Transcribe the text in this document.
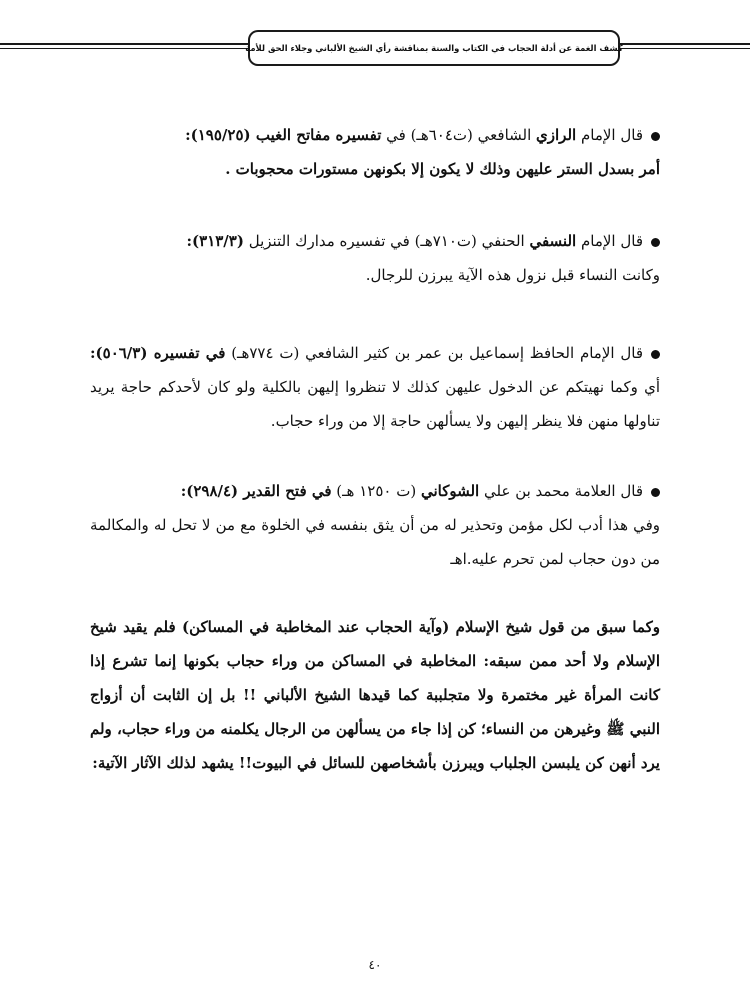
كشف الغمة عن أدلة الحجاب في الكتاب والسنة بمناقشة رأي الشيخ الألباني وجلاء الحق للأمة

قال الإمام الرازي الشافعي (ت٦٠٤هـ) في تفسيره مفاتح الغيب (١٩٥/٢٥):
أمر بسدل الستر عليهن وذلك لا يكون إلا بكونهن مستورات محجوبات .

قال الإمام النسفي الحنفي (ت٧١٠هـ) في تفسيره مدارك التنزيل (٣١٣/٣):
وكانت النساء قبل نزول هذه الآية يبرزن للرجال.

قال الإمام الحافظ إسماعيل بن عمر بن كثير الشافعي (ت ٧٧٤هـ) في تفسيره (٥٠٦/٣): أي وكما نهيتكم عن الدخول عليهن كذلك لا تنظروا إليهن بالكلية ولو كان لأحدكم حاجة يريد تناولها منهن فلا ينظر إليهن ولا يسألهن حاجة إلا من وراء حجاب.

قال العلامة محمد بن علي الشوكاني (ت ١٢٥٠ هـ) في فتح القدير (٢٩٨/٤):
وفي هذا أدب لكل مؤمن وتحذير له من أن يثق بنفسه في الخلوة مع من لا تحل له والمكالمة من دون حجاب لمن تحرم عليه.اهـ

وكما سبق من قول شيخ الإسلام (وآية الحجاب عند المخاطبة في المساكن) فلم يقيد شيخ الإسلام ولا أحد ممن سبقه: المخاطبة في المساكن من وراء حجاب بكونها إنما تشرع إذا كانت المرأة غير مختمرة ولا متجلببة كما قيدها الشيخ الألباني !! بل إن الثابت أن أزواج النبي ﷺ وغيرهن من النساء؛ كن إذا جاء من يسألهن من الرجال يكلمنه من وراء حجاب، ولم يرد أنهن كن يلبسن الجلباب ويبرزن بأشخاصهن للسائل في البيوت!! يشهد لذلك الآثار الآتية:

٤٠
